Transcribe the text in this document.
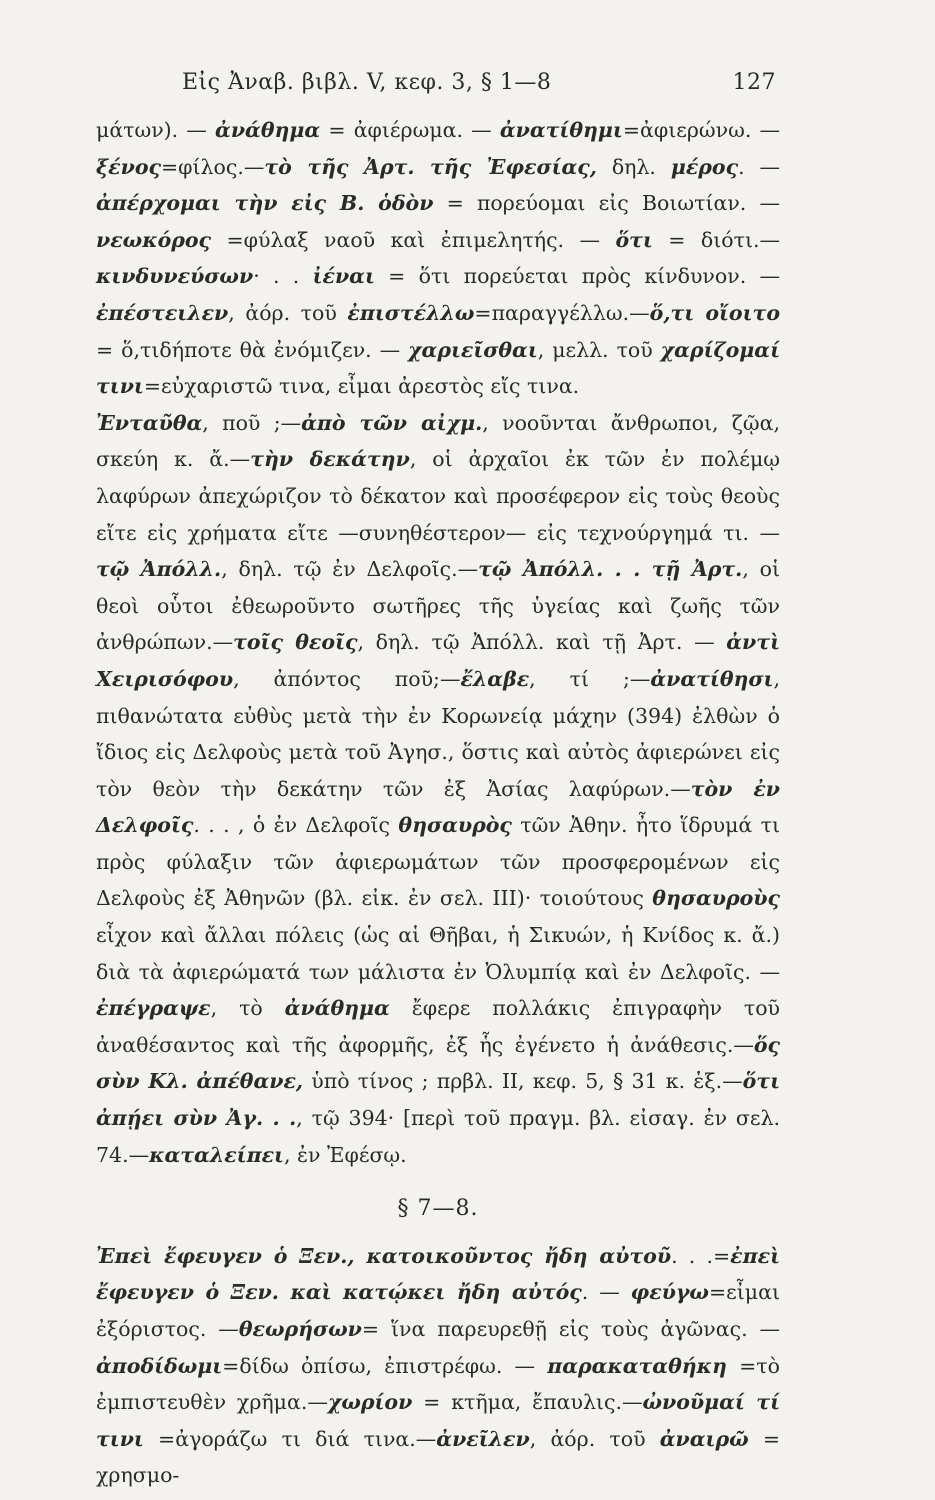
Εἰς Ἀναβ. βιβλ. V, κεφ. 3, § 1—8	127

μάτων). — ἀνάθημα = ἀφιέρωμα. — ἀνατίθημι=ἀφιερώνω. — ξένος=φίλος.—τὸ τῆς Ἀρτ. τῆς Ἐφεσίας, δηλ. μέρος. — ἀπέρχομαι τὴν εἰς Β. ὁδὸν = πορεύομαι εἰς Βοιωτίαν. — νεωκόρος =φύλαξ ναοῦ καὶ ἐπιμελητής. — ὅτι = διότι.—κινδυνεύσων· . . ἰέναι = ὅτι πορεύεται πρὸς κίνδυνον. — ἐπέστειλεν, ἀόρ. τοῦ ἐπιστέλλω=παραγγέλλω.—ὅ,τι οἴοιτο = ὅ,τιδήποτε θὰ ἐνόμιζεν. — χαριεῖσθαι, μελλ. τοῦ χαρίζομαί τινι=εὐχαριστῶ τινα, εἶμαι ἀρεστὸς εἴς τινα.

Ἐνταῦθα, ποῦ ;—ἀπὸ τῶν αἰχμ., νοοῦνται ἄνθρωποι, ζῷα, σκεύη κ. ἄ.—τὴν δεκάτην, οἱ ἀρχαῖοι ἐκ τῶν ἐν πολέμῳ λαφύρων ἀπεχώριζον τὸ δέκατον καὶ προσέφερον εἰς τοὺς θεοὺς εἴτε εἰς χρήματα εἴτε —συνηθέστερον— εἰς τεχνούργημά τι. — τῷ Ἀπόλλ., δηλ. τῷ ἐν Δελφοῖς.—τῷ Ἀπόλλ. . . τῇ Ἀρτ., οἱ θεοὶ οὗτοι ἐθεωροῦντο σωτῆρες τῆς ὑγείας καὶ ζωῆς τῶν ἀνθρώπων.—τοῖς θεοῖς, δηλ. τῷ Ἀπόλλ. καὶ τῇ Ἀρτ. — ἀντὶ Χειρισόφου, ἀπόντος ποῦ;—ἔλαβε, τί ;—ἀνατίθησι, πιθανώτατα εὐθὺς μετὰ τὴν ἐν Κορωνείᾳ μάχην (394) ἐλθὼν ὁ ἴδιος εἰς Δελφοὺς μετὰ τοῦ Ἀγησ., ὅστις καὶ αὐτὸς ἀφιερώνει εἰς τὸν θεὸν τὴν δεκάτην τῶν ἐξ Ἀσίας λαφύρων.—τὸν ἐν Δελφοῖς. . . , ὁ ἐν Δελφοῖς θησαυρὸς τῶν Ἀθην. ἦτο ἵδρυμά τι πρὸς φύλαξιν τῶν ἀφιερωμάτων τῶν προσφερομένων εἰς Δελφοὺς ἐξ Ἀθηνῶν (βλ. εἰκ. ἐν σελ. III)· τοιούτους θησαυροὺς εἶχον καὶ ἄλλαι πόλεις (ὡς αἱ Θῆβαι, ἡ Σικυών, ἡ Κνίδος κ. ἄ.) διὰ τὰ ἀφιερώματά των μάλιστα ἐν Ὀλυμπίᾳ καὶ ἐν Δελφοῖς. — ἐπέγραψε, τὸ ἀνάθημα ἔφερε πολλάκις ἐπιγραφὴν τοῦ ἀναθέσαντος καὶ τῆς ἀφορμῆς, ἐξ ἧς ἐγένετο ἡ ἀνάθεσις.—ὅς σὺν Κλ. ἀπέθανε, ὑπὸ τίνος ; πρβλ. II, κεφ. 5, § 31 κ. ἑξ.—ὅτι ἀπῄει σὺν Ἀγ. . ., τῷ 394· [περὶ τοῦ πραγμ. βλ. εἰσαγ. ἐν σελ. 74.—καταλείπει, ἐν Ἐφέσῳ.

§ 7—8.

Ἐπεὶ ἔφευγεν ὁ Ξεν., κατοικοῦντος ἤδη αὐτοῦ. . .=ἐπεὶ ἔφευγεν ὁ Ξεν. καὶ κατῴκει ἤδη αὐτός. — φεύγω=εἶμαι ἐξόριστος. —θεωρήσων= ἵνα παρευρεθῇ εἰς τοὺς ἀγῶνας. — ἀποδίδωμι=δίδω ὀπίσω, ἐπιστρέφω. — παρακαταθήκη =τὸ ἐμπιστευθὲν χρῆμα.—χωρίον = κτῆμα, ἔπαυλις.—ὠνοῦμαί τί τινι =ἀγοράζω τι διά τινα.—ἀνεῖλεν, ἀόρ. τοῦ ἀναιρῶ = χρησμο-
